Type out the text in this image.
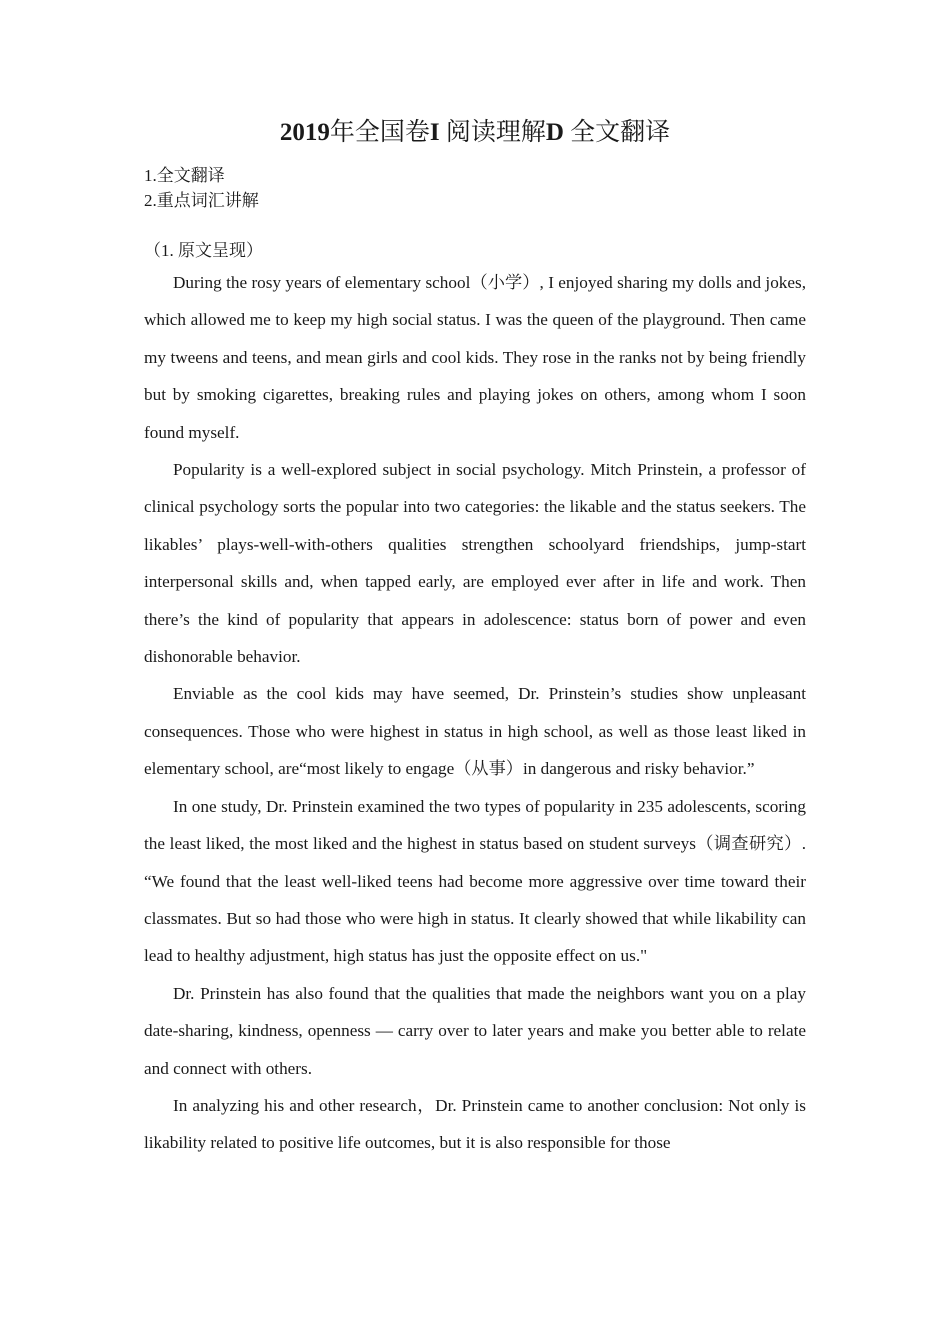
2019年全国卷I 阅读理解D 全文翻译
1.全文翻译
2.重点词汇讲解

（1. 原文呈现）

During the rosy years of elementary school（小学）, I enjoyed sharing my dolls and jokes, which allowed me to keep my high social status. I was the queen of the playground. Then came my tweens and teens, and mean girls and cool kids. They rose in the ranks not by being friendly but by smoking cigarettes, breaking rules and playing jokes on others, among whom I soon found myself.

Popularity is a well-explored subject in social psychology. Mitch Prinstein, a professor of clinical psychology sorts the popular into two categories: the likable and the status seekers. The likables’ plays-well-with-others qualities strengthen schoolyard friendships, jump-start interpersonal skills and, when tapped early, are employed ever after in life and work. Then there’s the kind of popularity that appears in adolescence: status born of power and even dishonorable behavior.

Enviable as the cool kids may have seemed, Dr. Prinstein’s studies show unpleasant consequences. Those who were highest in status in high school, as well as those least liked in elementary school, are“most likely to engage（从事）in dangerous and risky behavior.”

In one study, Dr. Prinstein examined the two types of popularity in 235 adolescents, scoring the least liked, the most liked and the highest in status based on student surveys（调查研究）. “We found that the least well-liked teens had become more aggressive over time toward their classmates. But so had those who were high in status. It clearly showed that while likability can lead to healthy adjustment, high status has just the opposite effect on us."

Dr. Prinstein has also found that the qualities that made the neighbors want you on a play date-sharing, kindness, openness — carry over to later years and make you better able to relate and connect with others.

In analyzing his and other research，Dr. Prinstein came to another conclusion: Not only is likability related to positive life outcomes, but it is also responsible for those
